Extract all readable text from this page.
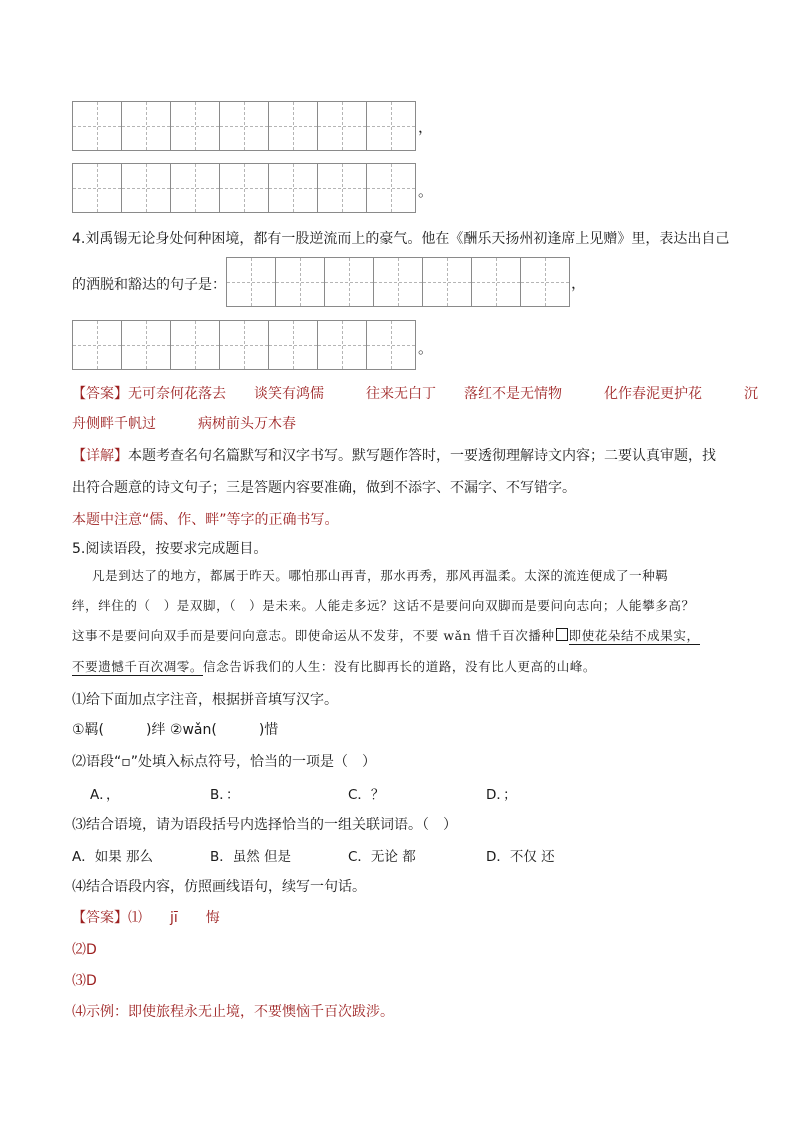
，
。
4.刘禹锡无论身处何种困境，都有一股逆流而上的豪气。他在《酬乐天扬州初逢席上见赠》里，表达出自己
的洒脱和豁达的句子是：	，
。
【答案】无可奈何花落去　　谈笑有鸿儒　　　往来无白丁　　落红不是无情物　　　化作春泥更护花　　　沉
舟侧畔千帆过　　　病树前头万木春
【详解】本题考查名句名篇默写和汉字书写。默写题作答时，一要透彻理解诗文内容；二要认真审题，找
出符合题意的诗文句子；三是答题内容要准确，做到不添字、不漏字、不写错字。
本题中注意“儒、作、畔”等字的正确书写。
5.阅读语段，按要求完成题目。
凡是到达了的地方，都属于昨天。哪怕那山再青，那水再秀，那风再温柔。太深的流连便成了一种羁
绊，绊住的（　）是双脚，（　）是未来。人能走多远？这话不是要问向双脚而是要问向志向；人能攀多高？
这事不是要问向双手而是要问向意志。即使命运从不发芽，不要 wǎn 惜千百次播种 即使花朵结不成果实，
不要遗憾千百次凋零。信念告诉我们的人生：没有比脚再长的道路，没有比人更高的山峰。
⑴给下面加点字注音，根据拼音填写汉字。
①羁(　　　)绊 ②wǎn(　　　)惜
⑵语段“▫”处填入标点符号，恰当的一项是（　）
A．，	B．：	C．？	D．；
⑶结合语境，请为语段括号内选择恰当的一组关联词语。（　）
A．如果 那么	B．虽然 但是	C．无论 都	D．不仅 还
⑷结合语段内容，仿照画线语句，续写一句话。
【答案】⑴　　jī　　悔
⑵D
⑶D
⑷示例：即使旅程永无止境，不要懊恼千百次跋涉。
